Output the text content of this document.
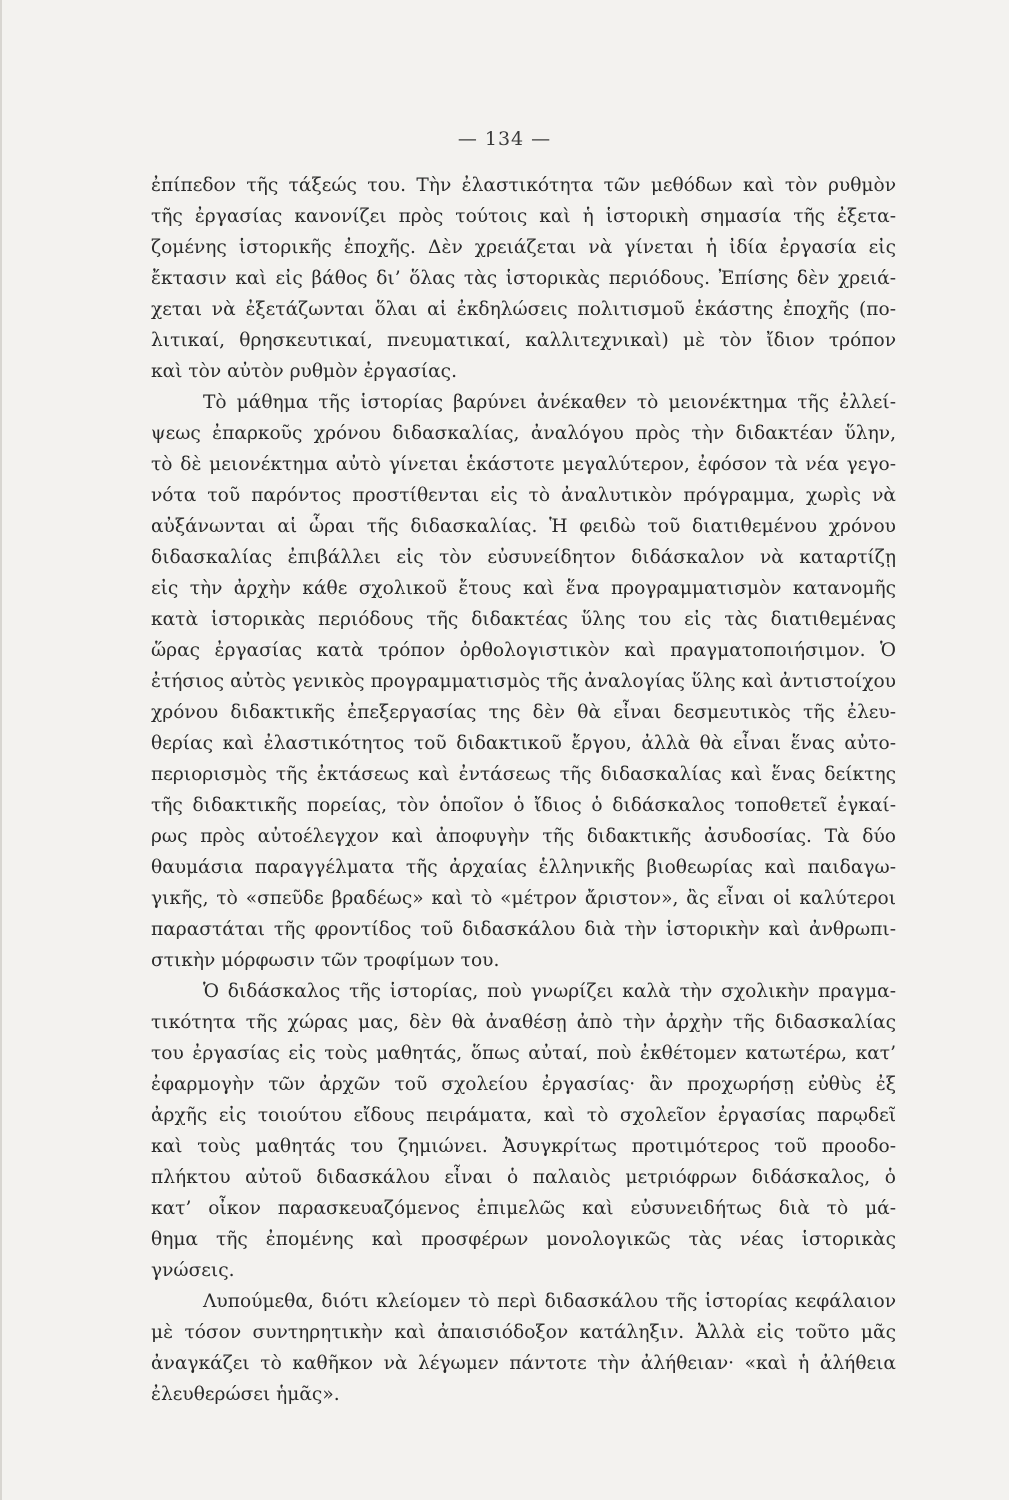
— 134 —

ἐπίπεδον τῆς τάξεώς του. Τὴν ἐλαστικότητα τῶν μεθόδων καὶ τὸν ρυθμὸν

τῆς ἐργασίας κανονίζει πρὸς τούτοις καὶ ἡ ἱστορικὴ σημασία τῆς ἐξετα-

ζομένης ἱστορικῆς ἐποχῆς. Δὲν χρειάζεται νὰ γίνεται ἡ ἰδία ἐργασία εἰς

ἔκτασιν καὶ εἰς βάθος δι’ ὅλας τὰς ἱστορικὰς περιόδους. Ἐπίσης δὲν χρειά-

χεται νὰ ἐξετάζωνται ὅλαι αἱ ἐκδηλώσεις πολιτισμοῦ ἑκάστης ἐποχῆς (πο-

λιτικαί, θρησκευτικαί, πνευματικαί, καλλιτεχνικαὶ) μὲ τὸν ἴδιον τρόπον

καὶ τὸν αὐτὸν ρυθμὸν ἐργασίας.

Τὸ μάθημα τῆς ἱστορίας βαρύνει ἀνέκαθεν τὸ μειονέκτημα τῆς ἐλλεί-

ψεως ἐπαρκοῦς χρόνου διδασκαλίας, ἀναλόγου πρὸς τὴν διδακτέαν ὕλην,

τὸ δὲ μειονέκτημα αὐτὸ γίνεται ἑκάστοτε μεγαλύτερον, ἐφόσον τὰ νέα γεγο-

νότα τοῦ παρόντος προστίθενται εἰς τὸ ἀναλυτικὸν πρόγραμμα, χωρὶς νὰ

αὐξάνωνται αἱ ὧραι τῆς διδασκαλίας. Ἡ φειδὼ τοῦ διατιθεμένου χρόνου

διδασκαλίας ἐπιβάλλει εἰς τὸν εὐσυνείδητον διδάσκαλον νὰ καταρτίζῃ

εἰς τὴν ἀρχὴν κάθε σχολικοῦ ἔτους καὶ ἕνα προγραμματισμὸν κατανομῆς

κατὰ ἱστορικὰς περιόδους τῆς διδακτέας ὕλης του εἰς τὰς διατιθεμένας

ὥρας ἐργασίας κατὰ τρόπον ὀρθολογιστικὸν καὶ πραγματοποιήσιμον. Ὁ

ἐτήσιος αὐτὸς γενικὸς προγραμματισμὸς τῆς ἀναλογίας ὕλης καὶ ἀντιστοίχου

χρόνου διδακτικῆς ἐπεξεργασίας της δὲν θὰ εἶναι δεσμευτικὸς τῆς ἐλευ-

θερίας καὶ ἐλαστικότητος τοῦ διδακτικοῦ ἔργου, ἀλλὰ θὰ εἶναι ἕνας αὐτο-

περιορισμὸς τῆς ἐκτάσεως καὶ ἐντάσεως τῆς διδασκαλίας καὶ ἕνας δείκτης

τῆς διδακτικῆς πορείας, τὸν ὁποῖον ὁ ἴδιος ὁ διδάσκαλος τοποθετεῖ ἐγκαί-

ρως πρὸς αὐτοέλεγχον καὶ ἀποφυγὴν τῆς διδακτικῆς ἀσυδοσίας. Τὰ δύο

θαυμάσια παραγγέλματα τῆς ἀρχαίας ἑλληνικῆς βιοθεωρίας καὶ παιδαγω-

γικῆς, τὸ «σπεῦδε βραδέως» καὶ τὸ «μέτρον ἄριστον», ἂς εἶναι οἱ καλύτεροι

παραστάται τῆς φροντίδος τοῦ διδασκάλου διὰ τὴν ἱστορικὴν καὶ ἀνθρωπι-

στικὴν μόρφωσιν τῶν τροφίμων του.

Ὁ διδάσκαλος τῆς ἱστορίας, ποὺ γνωρίζει καλὰ τὴν σχολικὴν πραγμα-

τικότητα τῆς χώρας μας, δὲν θὰ ἀναθέσῃ ἀπὸ τὴν ἀρχὴν τῆς διδασκαλίας

του ἐργασίας εἰς τοὺς μαθητάς, ὅπως αὐταί, ποὺ ἐκθέτομεν κατωτέρω, κατ’

ἐφαρμογὴν τῶν ἀρχῶν τοῦ σχολείου ἐργασίας· ἂν προχωρήσῃ εὐθὺς ἐξ

ἀρχῆς εἰς τοιούτου εἴδους πειράματα, καὶ τὸ σχολεῖον ἐργασίας παρῳδεῖ

καὶ τοὺς μαθητάς του ζημιώνει. Ἀσυγκρίτως προτιμότερος τοῦ προοδο-

πλήκτου αὐτοῦ διδασκάλου εἶναι ὁ παλαιὸς μετριόφρων διδάσκαλος, ὁ

κατ’ οἶκον παρασκευαζόμενος ἐπιμελῶς καὶ εὐσυνειδήτως διὰ τὸ μά-

θημα τῆς ἐπομένης καὶ προσφέρων μονολογικῶς τὰς νέας ἱστορικὰς

γνώσεις.

Λυπούμεθα, διότι κλείομεν τὸ περὶ διδασκάλου τῆς ἱστορίας κεφάλαιον

μὲ τόσον συντηρητικὴν καὶ ἀπαισιόδοξον κατάληξιν. Ἀλλὰ εἰς τοῦτο μᾶς

ἀναγκάζει τὸ καθῆκον νὰ λέγωμεν πάντοτε τὴν ἀλήθειαν· «καὶ ἡ ἀλήθεια

ἐλευθερώσει ἡμᾶς».
